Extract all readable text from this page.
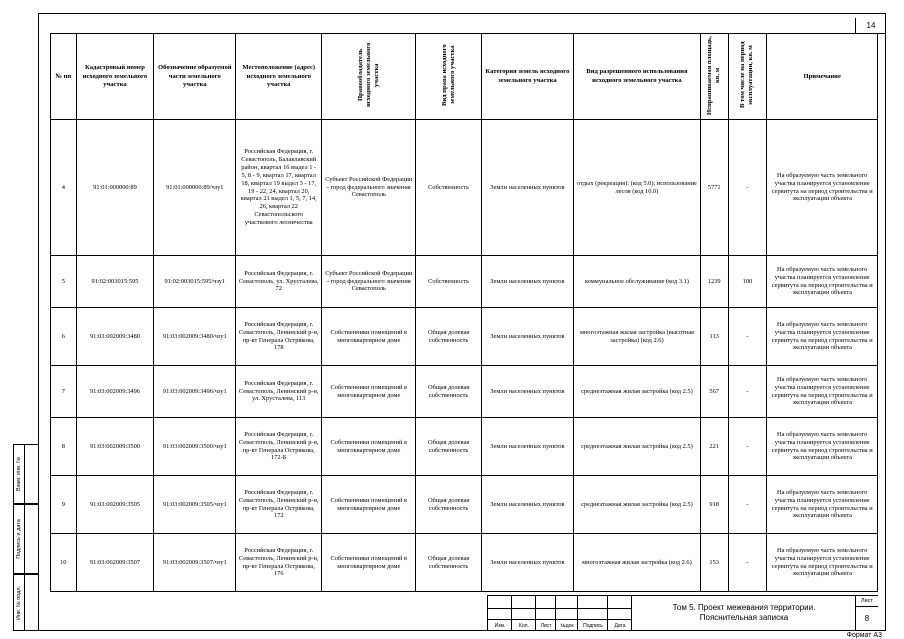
14
№ пп	Кадастровый номер исходного земельного участка	Обозначение образуемой части земельного участка	Местоположение (адрес) исходного земельного участка	Правообладатель исходного земельного участка	Вид права исходного земельного участка	Категория земель исходного земельного участка	Вид разрешенного использования исходного земельного участка	Испрашиваемая площадь, кв. м	В том числе на период эксплуатации, кв. м	Примечание
4	91:01:000000:89	91:01:000000:89/чзу1	Российская Федерация, г. Севастополь, Балаклавский район, квартал 16 выдел 1 - 5, 8 - 9, квартал 17, квартал 18, квартал 19 выдел 3 - 17, 19 - 22, 24, квартал 20, квартал 21 выдел 1, 5, 7, 14, 26, квартал 22 Севастопольского участкового лесничества	Субъект Российской Федерации - город федерального значения Севастополь	Собственность	Земли населенных пунктов	отдых (рекреация): (код 5.0); использование лесов (код 10.0)	5771	-	На образуемую часть земельного участка планируется установление сервитута на период строительства и эксплуатации объекта
5	91:02:003015:595	91:02:003015:595/чзу1	Российская Федерация, г. Севастополь, ул. Хрусталева, 72	Субъект Российской Федерации - город федерального значения Севастополь	Собственность	Земли населенных пунктов	коммунальное обслуживание (код 3.1)	1239	100	На образуемую часть земельного участка планируется установление сервитута на период строительства и эксплуатации объекта
6	91:03:002009:3480	91:03:002009:3480/чзу1	Российская Федерация, г. Севастополь, Ленинский р-н, пр-кт Генерала Острякова, 178	Собственники помещений в многоквартирном доме	Общая долевая собственность	Земли населенных пунктов	многоэтажная жилая застройка (высотная застройка) (код 2.6)	113	-	На образуемую часть земельного участка планируется установление сервитута на период строительства и эксплуатации объекта
7	91:03:002009:3496	91:03:002009:3496/чзу1	Российская Федерация, г. Севастополь, Ленинский р-н, ул. Хрусталева, 113	Собственники помещений в многоквартирном доме	Общая долевая собственность	Земли населенных пунктов	среднеэтажная жилая застройка (код 2.5)	567	-	На образуемую часть земельного участка планируется установление сервитута на период строительства и эксплуатации объекта
8	91:03:002009:3500	91:03:002009:3500/чзу1	Российская Федерация, г. Севастополь, Ленинский р-н, пр-кт Генерала Острякова, 172-Б	Собственники помещений в многоквартирном доме	Общая долевая собственность	Земли населенных пунктов	среднеэтажная жилая застройка (код 2.5)	221	-	На образуемую часть земельного участка планируется установление сервитута на период строительства и эксплуатации объекта
9	91:03:002009:3505	91:03:002009:3505/чзу1	Российская Федерация, г. Севастополь, Ленинский р-н, пр-кт Генерала Острякова, 172	Собственники помещений в многоквартирном доме	Общая долевая собственность	Земли населенных пунктов	среднеэтажная жилая застройка (код 2.5)	918	-	На образуемую часть земельного участка планируется установление сервитута на период строительства и эксплуатации объекта
10	91:03:002009:3507	91:03:002009:3507/чзу1	Российская Федерация, г. Севастополь, Ленинский р-н, пр-кт Генерала Острякова, 176	Собственники помещений в многоквартирном доме	Общая долевая собственность	Земли населенных пунктов	многоэтажная жилая застройка (код 2.6)	153	-	На образуемую часть земельного участка планируется установление сервитута на период строительства и эксплуатации объекта
Взам. инв. №
Подпись и дата
Инв. № подл.
Изм.	Кол.	Лист	№док	Подпись	Дата
Том 5. Проект межевания территории.
Пояснительная записка
Лист
8
Формат А3
